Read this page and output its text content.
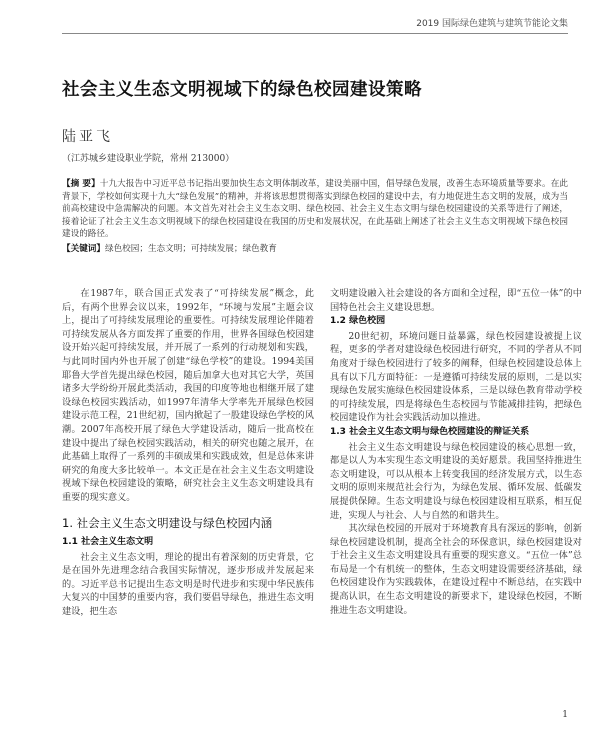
2019 国际绿色建筑与建筑节能论文集
社会主义生态文明视域下的绿色校园建设策略
陆亚飞
（江苏城乡建设职业学院，常州 213000）
【摘 要】十九大报告中习近平总书记指出要加快生态文明体制改革，建设美丽中国，倡导绿色发展，改善生态环境质量等要求。在此背景下，学校如何实现十九大“绿色发展”的精神，并将该思想贯彻落实到绿色校园的建设中去，有力地促进生态文明的发展，成为当前高校建设中急需解决的问题。本文首先对社会主义生态文明、绿色校园、社会主义生态文明与绿色校园建设的关系等进行了阐述，接着论证了社会主义生态文明视域下的绿色校园建设在我国的历史和发展状况，在此基础上阐述了社会主义生态文明视域下绿色校园建设的路径。
【关键词】绿色校园；生态文明；可持续发展；绿色教育

在1987年，联合国正式发表了“可持续发展”概念，此后，有两个世界会议以来，1992年，“环境与发展”主题会议上，提出了可持续发展理论的重要性。可持续发展理论伴随着可持续发展从各方面发挥了重要的作用，世界各国绿色校园建设开始兴起可持续发展，并开展了一系列的行动规划和实践，与此同时国内外也开展了创建“绿色学校”的建设。1994美国耶鲁大学首先提出绿色校园，随后加拿大也对其它大学，英国诸多大学纷纷开展此类活动，我国的印度等地也相继开展了建设绿色校园实践活动，如1997年清华大学率先开展绿色校园建设示范工程，21世纪初，国内掀起了一股建设绿色学校的风潮。2007年高校开展了绿色大学建设活动，随后一批高校在建设中提出了绿色校园实践活动，相关的研究也随之展开，在此基础上取得了一系列的丰硕成果和实践成效，但是总体来讲研究的角度大多比较单一。本文正是在社会主义生态文明建设视域下绿色校园建设的策略，研究社会主义生态文明建设具有重要的现实意义。

1. 社会主义生态文明建设与绿色校园内涵
1.1 社会主义生态文明

社会主义生态文明，理论的提出有着深刻的历史背景，它是在国外先进理念结合我国实际情况，逐步形成并发展起来的。习近平总书记提出生态文明是时代进步和实现中华民族伟大复兴的中国梦的重要内容，我们要倡导绿色，推进生态文明建设，把生态

文明建设融入社会建设的各方面和全过程，即“五位一体”的中国特色社会主义建设思想。

1.2 绿色校园

20世纪初，环境问题日益暴露，绿色校园建设被提上议程，更多的学者对建设绿色校园进行研究，不同的学者从不同角度对于绿色校园进行了较多的阐释，但绿色校园建设总体上具有以下几方面特征：一是遵循可持续发展的原则，二是以实现绿色发展实施绿色校园建设体系，三是以绿色教育带动学校的可持续发展，四是将绿色生态校园与节能减排挂钩，把绿色校园建设作为社会实践活动加以推进。

1.3 社会主义生态文明与绿色校园建设的辩证关系

社会主义生态文明建设与绿色校园建设的核心思想一致，都是以人为本实现生态文明建设的美好愿景。我国坚持推进生态文明建设，可以从根本上转变我国的经济发展方式，以生态文明的原则来规范社会行为，为绿色发展、循环发展、低碳发展提供保障。生态文明建设与绿色校园建设相互联系，相互促进，实现人与社会、人与自然的和谐共生。

其次绿色校园的开展对于环境教育具有深远的影响，创新绿色校园建设机制，提高全社会的环保意识，绿色校园建设对于社会主义生态文明建设具有重要的现实意义。“五位一体”总布局是一个有机统一的整体，生态文明建设需要经济基础，绿色校园建设作为实践载体，在建设过程中不断总结，在实践中提高认识，在生态文明建设的新要求下，建设绿色校园，不断推进生态文明建设。

1
